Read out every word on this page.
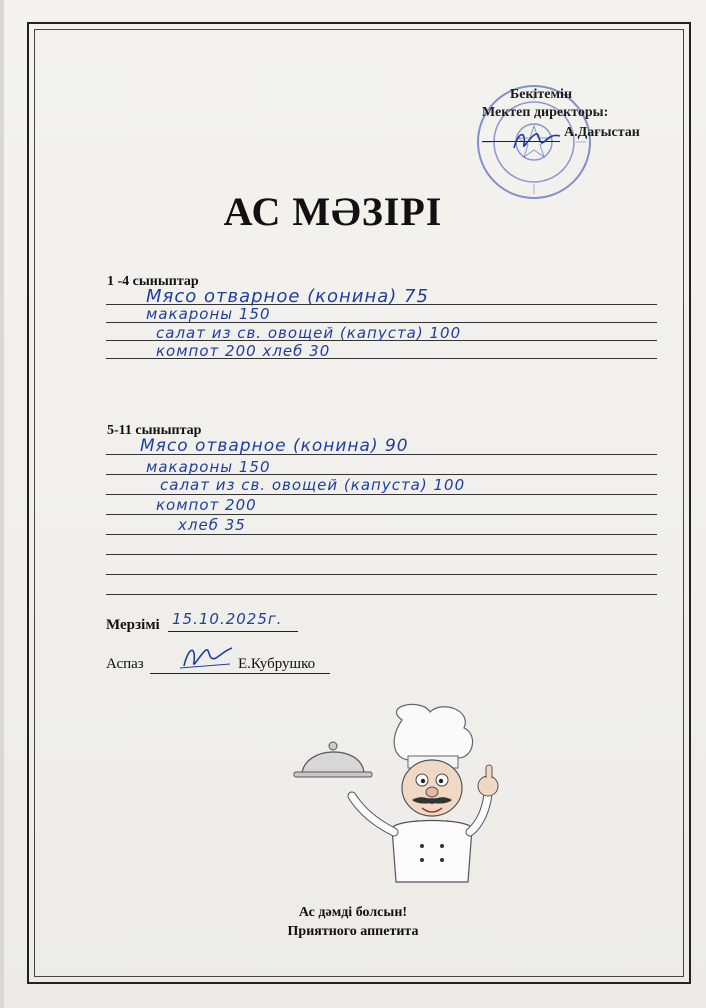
Бекітемін
Мектеп директоры:
А.Дағыстан
АС МӘЗІРІ
1 -4 сыныптар
Мясо отварное (конина) 75
макароны 150
салат из св. овощей (капуста) 100
компот 200 хлеб 30
5-11 сыныптар
Мясо отварное (конина) 90
макароны 150
салат из св. овощей (капуста) 100
компот 200
хлеб 35
Мерзімі 15.10.2025г.
Аспаз	Е.Кубрушко
Ас дәмді болсын!
Приятного аппетита
